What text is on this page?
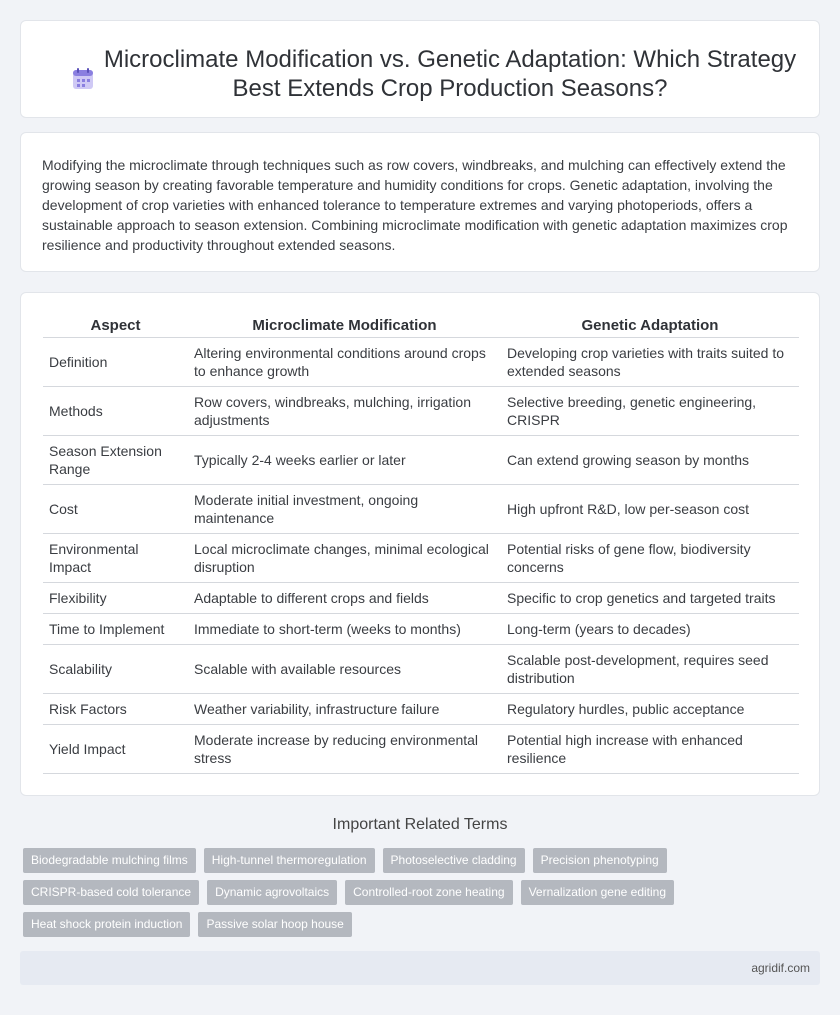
Microclimate Modification vs. Genetic Adaptation: Which Strategy Best Extends Crop Production Seasons?

Modifying the microclimate through techniques such as row covers, windbreaks, and mulching can effectively extend the growing season by creating favorable temperature and humidity conditions for crops. Genetic adaptation, involving the development of crop varieties with enhanced tolerance to temperature extremes and varying photoperiods, offers a sustainable approach to season extension. Combining microclimate modification with genetic adaptation maximizes crop resilience and productivity throughout extended seasons.

Aspect	Microclimate Modification	Genetic Adaptation
Definition	Altering environmental conditions around crops to enhance growth	Developing crop varieties with traits suited to extended seasons
Methods	Row covers, windbreaks, mulching, irrigation adjustments	Selective breeding, genetic engineering, CRISPR
Season Extension Range	Typically 2-4 weeks earlier or later	Can extend growing season by months
Cost	Moderate initial investment, ongoing maintenance	High upfront R&D, low per-season cost
Environmental Impact	Local microclimate changes, minimal ecological disruption	Potential risks of gene flow, biodiversity concerns
Flexibility	Adaptable to different crops and fields	Specific to crop genetics and targeted traits
Time to Implement	Immediate to short-term (weeks to months)	Long-term (years to decades)
Scalability	Scalable with available resources	Scalable post-development, requires seed distribution
Risk Factors	Weather variability, infrastructure failure	Regulatory hurdles, public acceptance
Yield Impact	Moderate increase by reducing environmental stress	Potential high increase with enhanced resilience
Important Related Terms
Biodegradable mulching films	High-tunnel thermoregulation	Photoselective cladding	Precision phenotyping
CRISPR-based cold tolerance	Dynamic agrovoltaics	Controlled-root zone heating	Vernalization gene editing
Heat shock protein induction	Passive solar hoop house
agridif.com
